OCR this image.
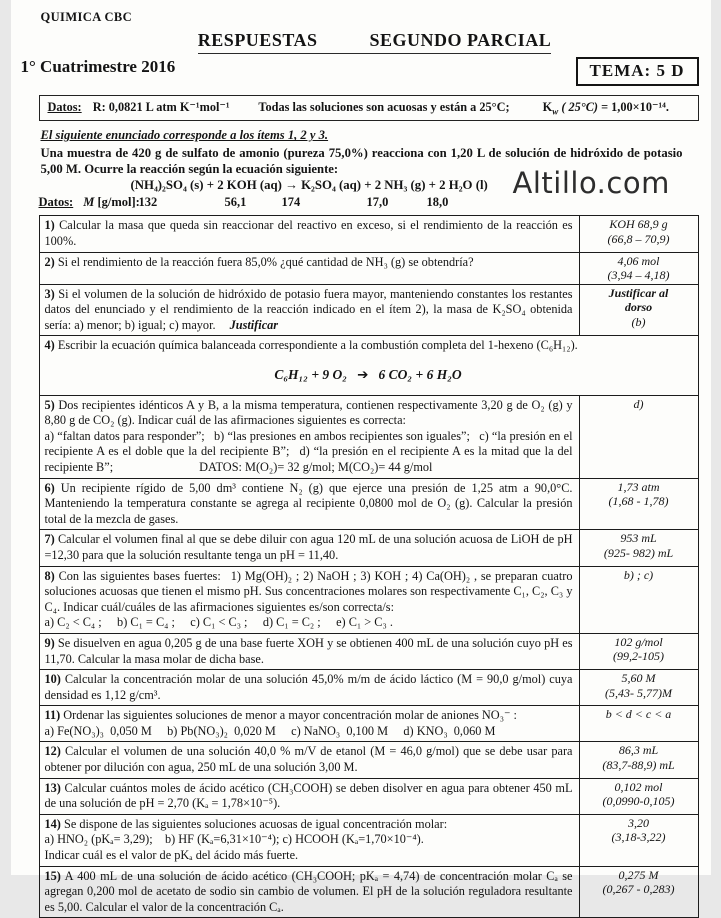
QUIMICA CBC
RESPUESTAS	SEGUNDO PARCIAL
1° Cuatrimestre 2016	TEMA: 5 D
Datos: R: 0,0821 L atm K⁻¹mol⁻¹ Todas las soluciones son acuosas y están a 25°C;	$K_w$ ( 25°C) = 1,00×10⁻¹⁴.
El siguiente enunciado corresponde a los ítems 1, 2 y 3.
Una muestra de 420 g de sulfato de amonio (pureza 75,0%) reacciona con 1,20 L de solución de hidróxido de potasio 5,00 M. Ocurre la reacción según la ecuación siguiente:
(NH₄)₂SO₄ (s) + 2 KOH (aq) → K₂SO₄ (aq) + 2 NH₃ (g) + 2 H₂O (l) Altillo.com
Datos: M [g/mol]:
132	56,1	174	17,0	18,0
1) Calcular la masa que queda sin reaccionar del reactivo en exceso, si el rendimiento de la reacción es 100%.	KOH 68,9 g
(66,8 – 70,9)

2) Si el rendimiento de la reacción fuera 85,0% ¿qué cantidad de NH₃ (g) se obtendría?	4,06 mol
(3,94 – 4,18)

3) Si el volumen de la solución de hidróxido de potasio fuera mayor, manteniendo constantes los restantes datos del enunciado y el rendimiento de la reacción indicado en el ítem 2), la masa de K₂SO₄ obtenida sería: a) menor; b) igual; c) mayor. Justificar	
Justificar al
dorso
(b)

4) Escribir la ecuación química balanceada correspondiente a la combustión completa del 1-hexeno (C₆H₁₂).
C₆H₁₂ + 9 O₂  ➔  6 CO₂ + 6 H₂O	

5) Dos recipientes idénticos A y B, a la misma temperatura, contienen respectivamente 3,20 g de O₂ (g) y 8,80 g de CO₂ (g). Indicar cuál de las afirmaciones siguientes es correcta:
a) “faltan datos para responder”;  b) “las presiones en ambos recipientes son iguales”;  c) “la presión en el recipiente A es el doble que la del recipiente B”;  d) “la presión en el recipiente A es la mitad que la del recipiente B”; DATOS: M(O₂)= 32 g/mol; M(CO₂)= 44 g/mol	d)

6) Un recipiente rígido de 5,00 dm³ contiene N₂ (g) que ejerce una presión de 1,25 atm a 90,0°C. Manteniendo la temperatura constante se agrega al recipiente 0,0800 mol de O₂ (g). Calcular la presión total de la mezcla de gases.	1,73 atm
(1,68 - 1,78)

7) Calcular el volumen final al que se debe diluir con agua 120 mL de una solución acuosa de LiOH de pH =12,30 para que la solución resultante tenga un pH = 11,40.	953 mL
(925- 982) mL

8) Con las siguientes bases fuertes:  1) Mg(OH)₂ ; 2) NaOH ; 3) KOH ; 4) Ca(OH)₂ , se preparan cuatro soluciones acuosas que tienen el mismo pH. Sus concentraciones molares son respectivamente C₁, C₂, C₃ y C₄. Indicar cuál/cuáles de las afirmaciones siguientes es/son correcta/s:
a) C₂ < C₄ ;  b) C₁ = C₄ ;  c) C₁ < C₃ ;  d) C₁ = C₂ ;  e) C₁ > C₃ .	b) ; c)

9) Se disuelven en agua 0,205 g de una base fuerte XOH y se obtienen 400 mL de una solución cuyo pH es 11,70. Calcular la masa molar de dicha base.	102 g/mol
(99,2-105)

10) Calcular la concentración molar de una solución 45,0% m/m de ácido láctico (M = 90,0 g/mol) cuya densidad es 1,12 g/cm³.	5,60 M
(5,43- 5,77)M

11) Ordenar las siguientes soluciones de menor a mayor concentración molar de aniones NO₃⁻ :
a) Fe(NO₃)₃ 0,050 M  b) Pb(NO₃)₂ 0,020 M  c) NaNO₃ 0,100 M  d) KNO₃ 0,060 M	b < d < c < a

12) Calcular el volumen de una solución 40,0 % m/V de etanol (M = 46,0 g/mol) que se debe usar para obtener por dilución con agua, 250 mL de una solución 3,00 M.	86,3 mL
(83,7-88,9) mL

13) Calcular cuántos moles de ácido acético (CH₃COOH) se deben disolver en agua para obtener 450 mL de una solución de pH = 2,70 (Kₐ = 1,78×10⁻⁵).	0,102 mol
(0,0990-0,105)

14) Se dispone de las siguientes soluciones acuosas de igual concentración molar:
a) HNO₂ (pKₐ= 3,29); b) HF (Kₐ=6,31×10⁻⁴); c) HCOOH (Kₐ=1,70×10⁻⁴).
Indicar cuál es el valor de pKₐ del ácido más fuerte.

3,20
(3,18-3,22)

15) A 400 mL de una solución de ácido acético (CH₃COOH; pKₐ = 4,74) de concentración molar Cₐ se agregan 0,200 mol de acetato de sodio sin cambio de volumen. El pH de la solución reguladora resultante es 5,00. Calcular el valor de la concentración Cₐ.	0,275 M
(0,267 - 0,283)
